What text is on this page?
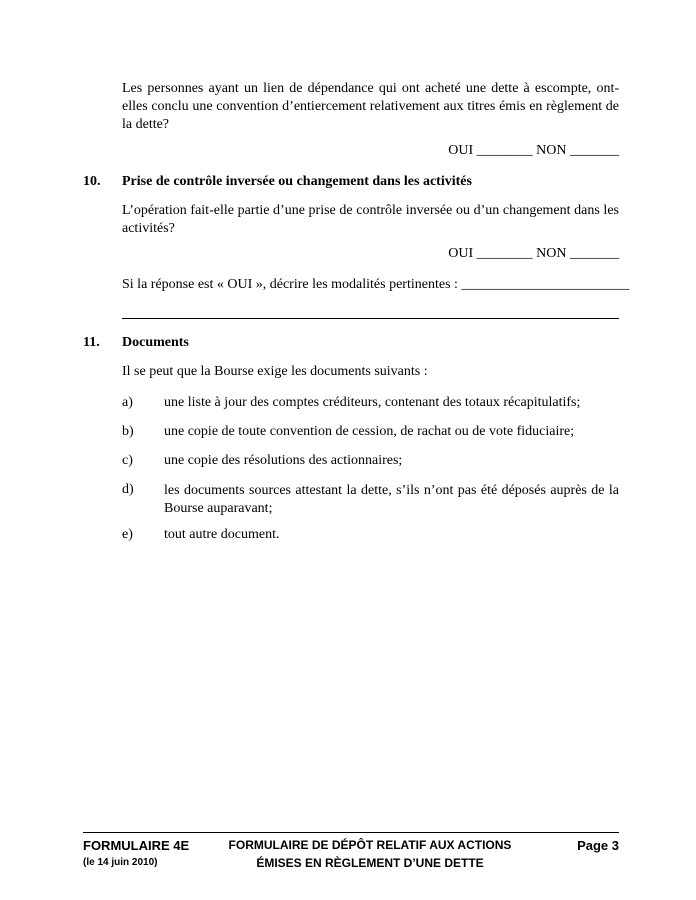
Les personnes ayant un lien de dépendance qui ont acheté une dette à escompte, ont-elles conclu une convention d’entiercement relativement aux titres émis en règlement de la dette?

OUI ________ NON _______
10. Prise de contrôle inversée ou changement dans les activités

L’opération fait-elle partie d’une prise de contrôle inversée ou d’un changement dans les activités?

OUI ________ NON _______
Si la réponse est « OUI », décrire les modalités pertinentes : ________________________
11. Documents
Il se peut que la Bourse exige les documents suivants :
a) une liste à jour des comptes créditeurs, contenant des totaux récapitulatifs;
b) une copie de toute convention de cession, de rachat ou de vote fiduciaire;
c) une copie des résolutions des actionnaires;
d) les documents sources attestant la dette, s’ils n’ont pas été déposés auprès de la Bourse auparavant;

e) tout autre document.
FORMULAIRE 4E
(le 14 juin 2010)
FORMULAIRE DE DÉPÔT RELATIF AUX ACTIONS
ÉMISES EN RÈGLEMENT D’UNE DETTE
Page 3
